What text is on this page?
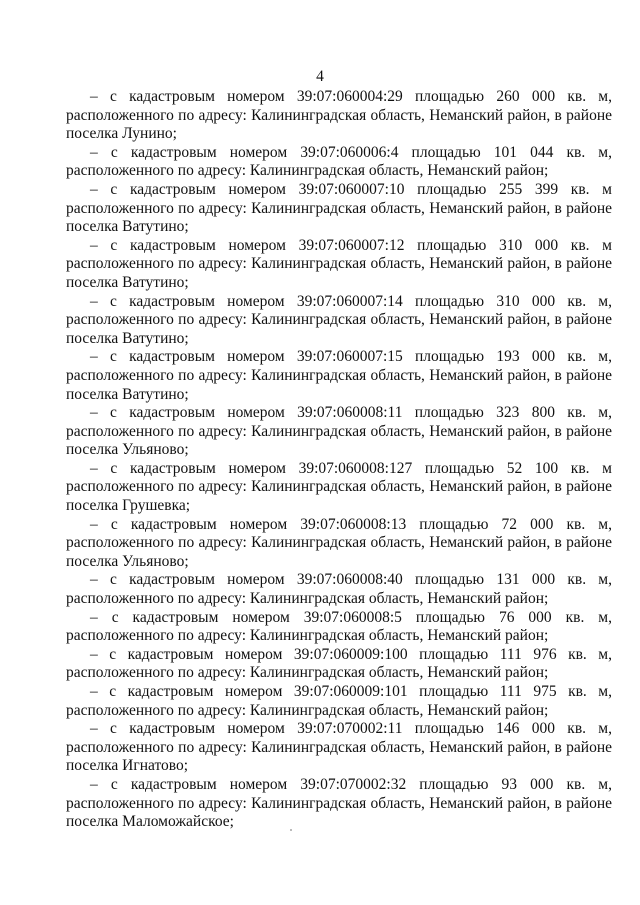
4
– с кадастровым номером 39:07:060004:29 площадью 260 000 кв. м,
расположенного по адресу: Калининградская область, Неманский район, в районе
поселка Лунино;
– с кадастровым номером 39:07:060006:4 площадью 101 044 кв. м,
расположенного по адресу: Калининградская область, Неманский район;
– с кадастровым номером 39:07:060007:10 площадью 255 399 кв. м
расположенного по адресу: Калининградская область, Неманский район, в районе
поселка Ватутино;
– с кадастровым номером 39:07:060007:12 площадью 310 000 кв. м
расположенного по адресу: Калининградская область, Неманский район, в районе
поселка Ватутино;
– с кадастровым номером 39:07:060007:14 площадью 310 000 кв. м,
расположенного по адресу: Калининградская область, Неманский район, в районе
поселка Ватутино;
– с кадастровым номером 39:07:060007:15 площадью 193 000 кв. м,
расположенного по адресу: Калининградская область, Неманский район, в районе
поселка Ватутино;
– с кадастровым номером 39:07:060008:11 площадью 323 800 кв. м,
расположенного по адресу: Калининградская область, Неманский район, в районе
поселка Ульяново;
– с кадастровым номером 39:07:060008:127 площадью 52 100 кв. м
расположенного по адресу: Калининградская область, Неманский район, в районе
поселка Грушевка;
– с кадастровым номером 39:07:060008:13 площадью 72 000 кв. м,
расположенного по адресу: Калининградская область, Неманский район, в районе
поселка Ульяново;
– с кадастровым номером 39:07:060008:40 площадью 131 000 кв. м,
расположенного по адресу: Калининградская область, Неманский район;
– с кадастровым номером 39:07:060008:5 площадью 76 000 кв. м,
расположенного по адресу: Калининградская область, Неманский район;
– с кадастровым номером 39:07:060009:100 площадью 111 976 кв. м,
расположенного по адресу: Калининградская область, Неманский район;
– с кадастровым номером 39:07:060009:101 площадью 111 975 кв. м,
расположенного по адресу: Калининградская область, Неманский район;
– с кадастровым номером 39:07:070002:11 площадью 146 000 кв. м,
расположенного по адресу: Калининградская область, Неманский район, в районе
поселка Игнатово;
– с кадастровым номером 39:07:070002:32 площадью 93 000 кв. м,
расположенного по адресу: Калининградская область, Неманский район, в районе
поселка Маломожайское;
